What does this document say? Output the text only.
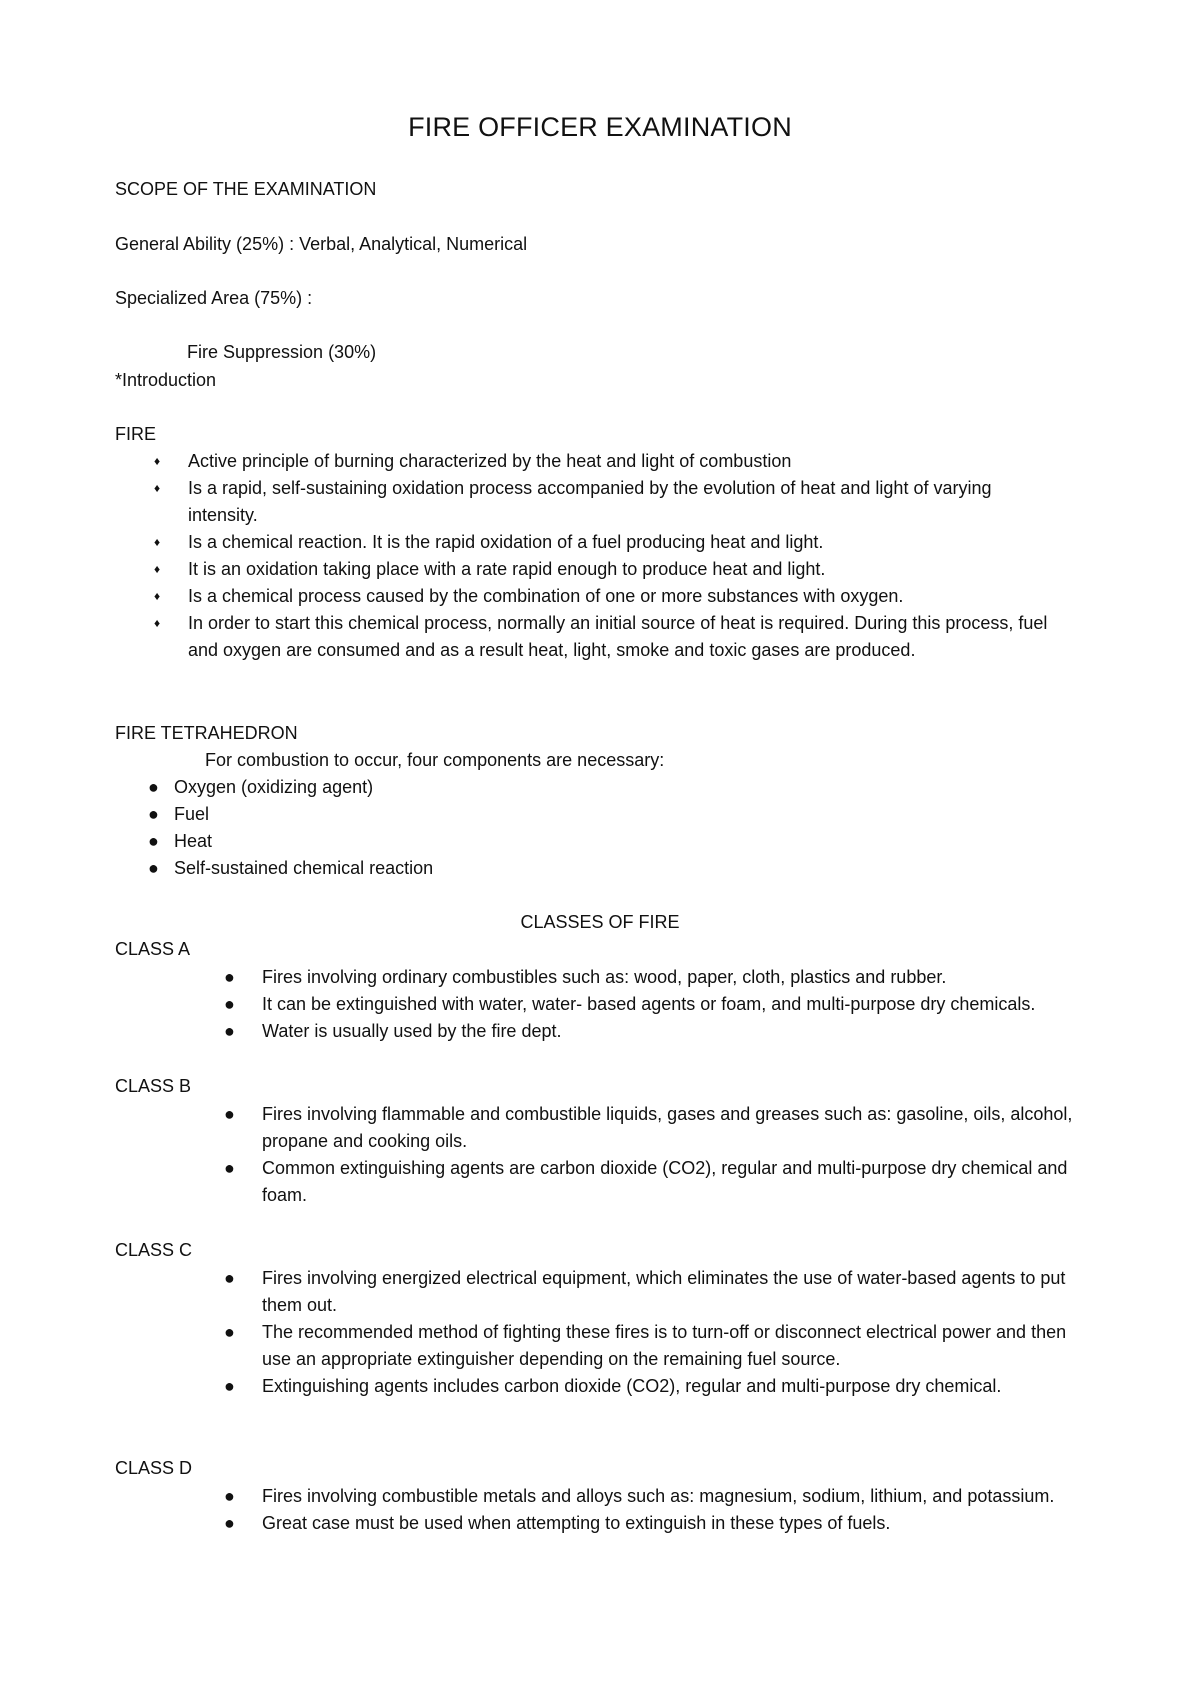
FIRE OFFICER EXAMINATION
SCOPE OF THE EXAMINATION
General Ability (25%) : Verbal, Analytical, Numerical
Specialized Area (75%) :
Fire Suppression (30%)
*Introduction
FIRE
♦ Active principle of burning characterized by the heat and light of combustion
♦ Is a rapid, self-sustaining oxidation process accompanied by the evolution of heat and light of varying intensity.
♦ Is a chemical reaction. It is the rapid oxidation of a fuel producing heat and light.
♦ It is an oxidation taking place with a rate rapid enough to produce heat and light.
♦ Is a chemical process caused by the combination of one or more substances with oxygen.
♦ In order to start this chemical process, normally an initial source of heat is required. During this process, fuel and oxygen are consumed and as a result heat, light, smoke and toxic gases are produced.
FIRE TETRAHEDRON
For combustion to occur, four components are necessary:
● Oxygen (oxidizing agent)
● Fuel
● Heat
● Self-sustained chemical reaction
CLASSES OF FIRE
CLASS A
● Fires involving ordinary combustibles such as: wood, paper, cloth, plastics and rubber.
● It can be extinguished with water, water- based agents or foam, and multi-purpose dry chemicals.
● Water is usually used by the fire dept.
CLASS B
● Fires involving flammable and combustible liquids, gases and greases such as: gasoline, oils, alcohol, propane and cooking oils.
● Common extinguishing agents are carbon dioxide (CO2), regular and multi-purpose dry chemical and foam.
CLASS C
● Fires involving energized electrical equipment, which eliminates the use of water-based agents to put them out.
● The recommended method of fighting these fires is to turn-off or disconnect electrical power and then use an appropriate extinguisher depending on the remaining fuel source.
● Extinguishing agents includes carbon dioxide (CO2), regular and multi-purpose dry chemical.
CLASS D
● Fires involving combustible metals and alloys such as: magnesium, sodium, lithium, and potassium.
● Great case must be used when attempting to extinguish in these types of fuels.
